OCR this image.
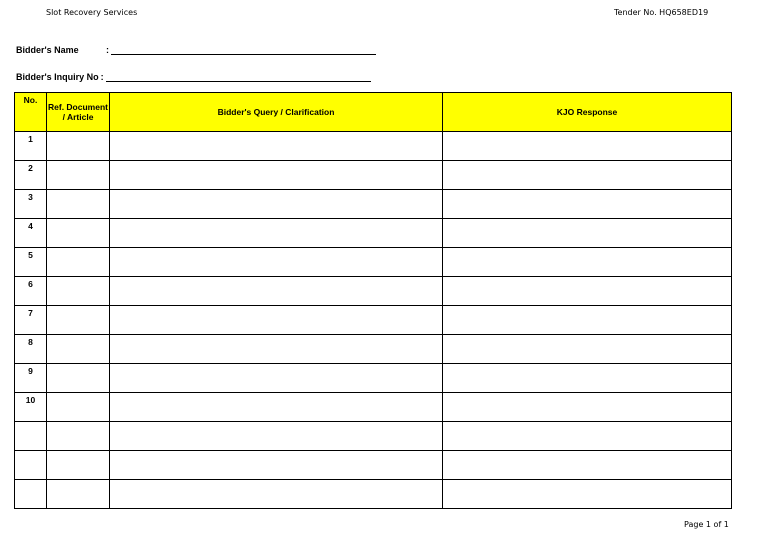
Slot Recovery Services	Tender No. HQ658ED19
Bidder's Name	:
Bidder's Inquiry No :
No.	Ref. Document / Article	Bidder's Query / Clarification	KJO Response
1			
2			
3			
4			
5			
6			
7			
8			
9			
10			

Page 1 of 1
